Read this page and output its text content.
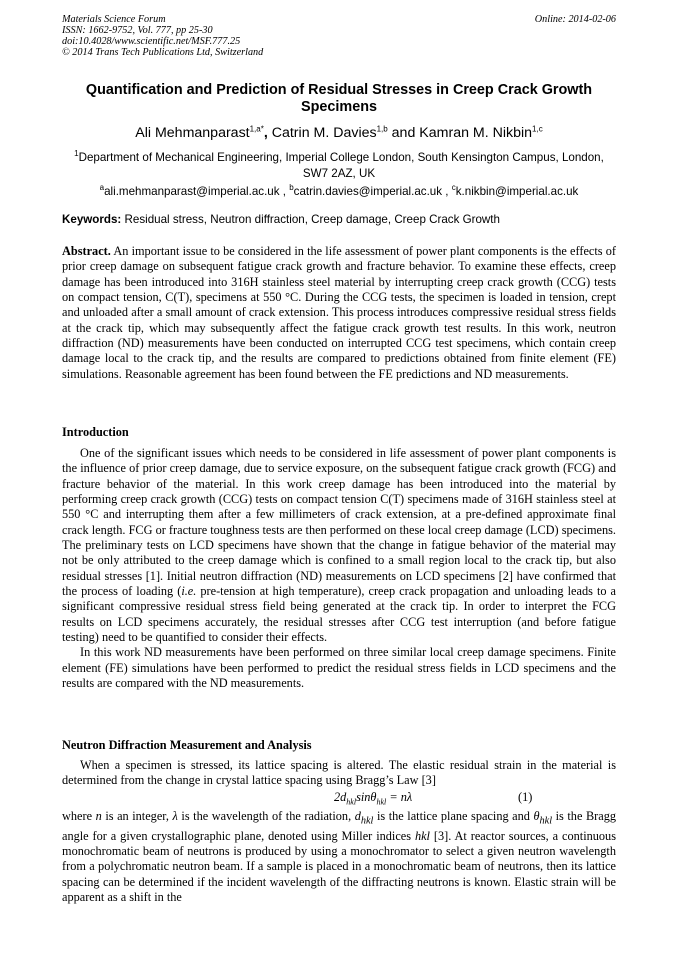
Materials Science Forum	Online: 2014-02-06
ISSN: 1662-9752, Vol. 777, pp 25-30
doi:10.4028/www.scientific.net/MSF.777.25
© 2014 Trans Tech Publications Ltd, Switzerland
Quantification and Prediction of Residual Stresses in Creep Crack Growth Specimens
Ali Mehmanparast$^{1,a*}$, Catrin M. Davies$^{1,b}$ and Kamran M. Nikbin$^{1,c}$
$^1$Department of Mechanical Engineering, Imperial College London, South Kensington Campus, London, SW7 2AZ, UK
$^a$ali.mehmanparast@imperial.ac.uk , $^b$catrin.davies@imperial.ac.uk , $^c$k.nikbin@imperial.ac.uk
Keywords: Residual stress, Neutron diffraction, Creep damage, Creep Crack Growth

Abstract. An important issue to be considered in the life assessment of power plant components is the effects of prior creep damage on subsequent fatigue crack growth and fracture behavior. To examine these effects, creep damage has been introduced into 316H stainless steel material by interrupting creep crack growth (CCG) tests on compact tension, C(T), specimens at 550 °C. During the CCG tests, the specimen is loaded in tension, crept and unloaded after a small amount of crack extension. This process introduces compressive residual stress fields at the crack tip, which may subsequently affect the fatigue crack growth test results. In this work, neutron diffraction (ND) measurements have been conducted on interrupted CCG test specimens, which contain creep damage local to the crack tip, and the results are compared to predictions obtained from finite element (FE) simulations. Reasonable agreement has been found between the FE predictions and ND measurements.

Introduction

One of the significant issues which needs to be considered in life assessment of power plant components is the influence of prior creep damage, due to service exposure, on the subsequent fatigue crack growth (FCG) and fracture behavior of the material. In this work creep damage has been introduced into the material by performing creep crack growth (CCG) tests on compact tension C(T) specimens made of 316H stainless steel at 550 °C and interrupting them after a few millimeters of crack extension, at a pre-defined approximate final crack length. FCG or fracture toughness tests are then performed on these local creep damage (LCD) specimens. The preliminary tests on LCD specimens have shown that the change in fatigue behavior of the material may not be only attributed to the creep damage which is confined to a small region local to the crack tip, but also residual stresses [1]. Initial neutron diffraction (ND) measurements on LCD specimens [2] have confirmed that the process of loading (i.e. pre-tension at high temperature), creep crack propagation and unloading leads to a significant compressive residual stress field being generated at the crack tip. In order to interpret the FCG results on LCD specimens accurately, the residual stresses after CCG test interruption (and before fatigue testing) need to be quantified to consider their effects.

In this work ND measurements have been performed on three similar local creep damage specimens. Finite element (FE) simulations have been performed to predict the residual stress fields in LCD specimens and the results are compared with the ND measurements.

Neutron Diffraction Measurement and Analysis

When a specimen is stressed, its lattice spacing is altered. The elastic residual strain in the material is determined from the change in crystal lattice spacing using Bragg’s Law [3]

$2d_{hkl}\sin\theta_{hkl} = n\lambda$	(1)

where n is an integer, λ is the wavelength of the radiation, $d_{hkl}$ is the lattice plane spacing and $\theta_{hkl}$ is the Bragg angle for a given crystallographic plane, denoted using Miller indices hkl [3]. At reactor sources, a continuous monochromatic beam of neutrons is produced by using a monochromator to select a given neutron wavelength from a polychromatic neutron beam. If a sample is placed in a monochromatic beam of neutrons, then its lattice spacing can be determined if the incident wavelength of the diffracting neutrons is known. Elastic strain will be apparent as a shift in the
